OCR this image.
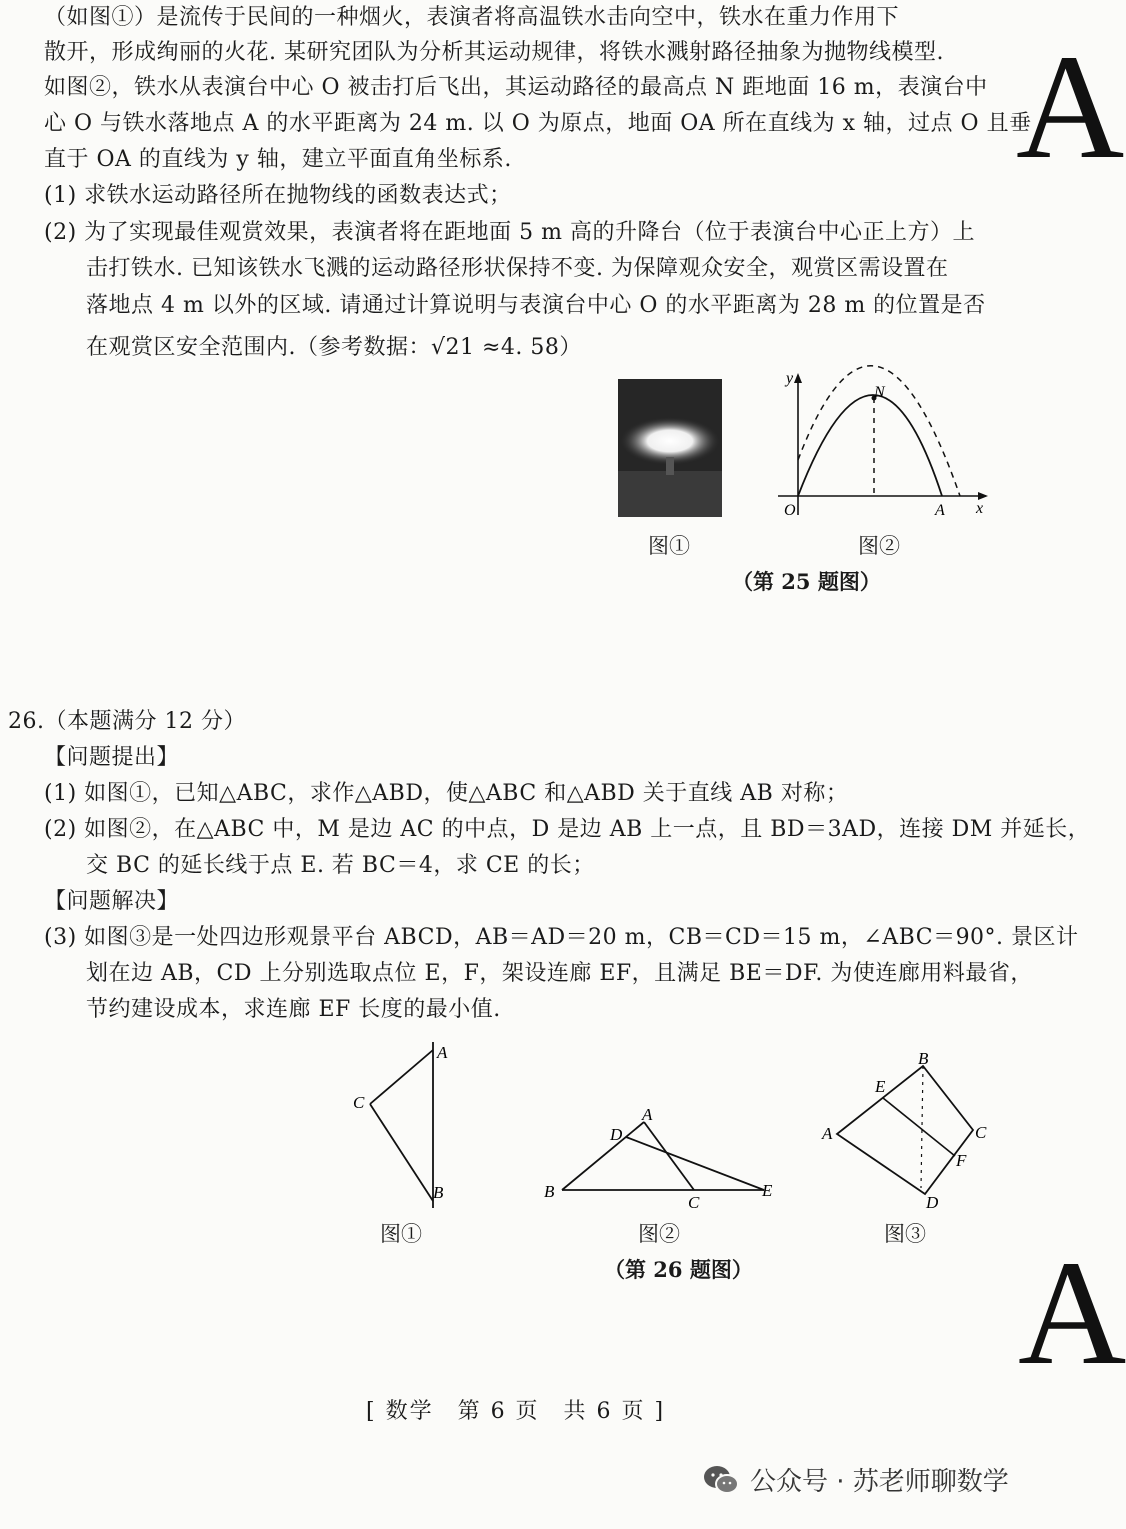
（如图①）是流传于民间的一种烟火，表演者将高温铁水击向空中，铁水在重力作用下
散开，形成绚丽的火花. 某研究团队为分析其运动规律，将铁水溅射路径抽象为抛物线模型.
如图②，铁水从表演台中心 O 被击打后飞出，其运动路径的最高点 N 距地面 16 m，表演台中
心 O 与铁水落地点 A 的水平距离为 24 m. 以 O 为原点，地面 OA 所在直线为 x 轴，过点 O 且垂
直于 OA 的直线为 y 轴，建立平面直角坐标系.
(1) 求铁水运动路径所在抛物线的函数表达式；
(2) 为了实现最佳观赏效果，表演者将在距地面 5 m 高的升降台（位于表演台中心正上方）上
击打铁水. 已知该铁水飞溅的运动路径形状保持不变. 为保障观众安全，观赏区需设置在
落地点 4 m 以外的区域. 请通过计算说明与表演台中心 O 的水平距离为 28 m 的位置是否
在观赏区安全范围内.（参考数据：√21 ≈4. 58）
A
A
图①
y
N
O	A x
图②
（第 25 题图）
26.（本题满分 12 分）
【问题提出】
(1) 如图①，已知△ABC，求作△ABD，使△ABC 和△ABD 关于直线 AB 对称；
(2) 如图②，在△ABC 中，M 是边 AC 的中点，D 是边 AB 上一点，且 BD＝3AD，连接 DM 并延长，
交 BC 的延长线于点 E. 若 BC＝4，求 CE 的长；
【问题解决】
(3) 如图③是一处四边形观景平台 ABCD，AB＝AD＝20 m，CB＝CD＝15 m，∠ABC＝90°. 景区计
划在边 AB，CD 上分别选取点位 E，F，架设连廊 EF，且满足 BE＝DF. 为使连廊用料最省，
节约建设成本，求连廊 EF 长度的最小值.
A
C
B
图①
A
D
B
C
E
图②
B
E
A	C
F
D
图③
（第 26 题图）
[ 数学　第 6 页　共 6 页 ]
公众号 · 苏老师聊数学
